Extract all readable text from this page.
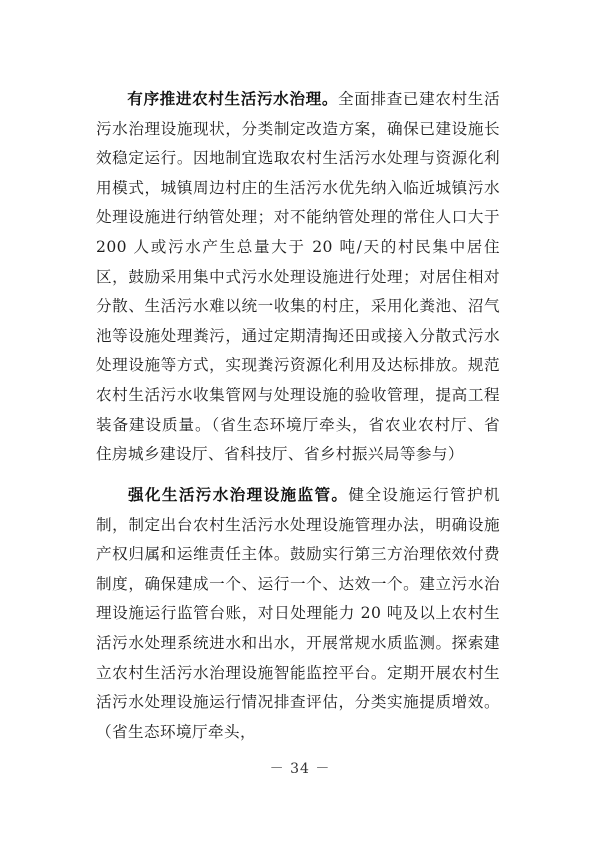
有序推进农村生活污水治理。全面排查已建农村生活污水治理设施现状，分类制定改造方案，确保已建设施长效稳定运行。因地制宜选取农村生活污水处理与资源化利用模式，城镇周边村庄的生活污水优先纳入临近城镇污水处理设施进行纳管处理；对不能纳管处理的常住人口大于 200 人或污水产生总量大于 20 吨/天的村民集中居住区，鼓励采用集中式污水处理设施进行处理；对居住相对分散、生活污水难以统一收集的村庄，采用化粪池、沼气池等设施处理粪污，通过定期清掏还田或接入分散式污水处理设施等方式，实现粪污资源化利用及达标排放。规范农村生活污水收集管网与处理设施的验收管理，提高工程装备建设质量。（省生态环境厅牵头，省农业农村厅、省住房城乡建设厅、省科技厅、省乡村振兴局等参与）

强化生活污水治理设施监管。健全设施运行管护机制，制定出台农村生活污水处理设施管理办法，明确设施产权归属和运维责任主体。鼓励实行第三方治理依效付费制度，确保建成一个、运行一个、达效一个。建立污水治理设施运行监管台账，对日处理能力 20 吨及以上农村生活污水处理系统进水和出水，开展常规水质监测。探索建立农村生活污水治理设施智能监控平台。定期开展农村生活污水处理设施运行情况排查评估，分类实施提质增效。（省生态环境厅牵头，

－ 34 －
